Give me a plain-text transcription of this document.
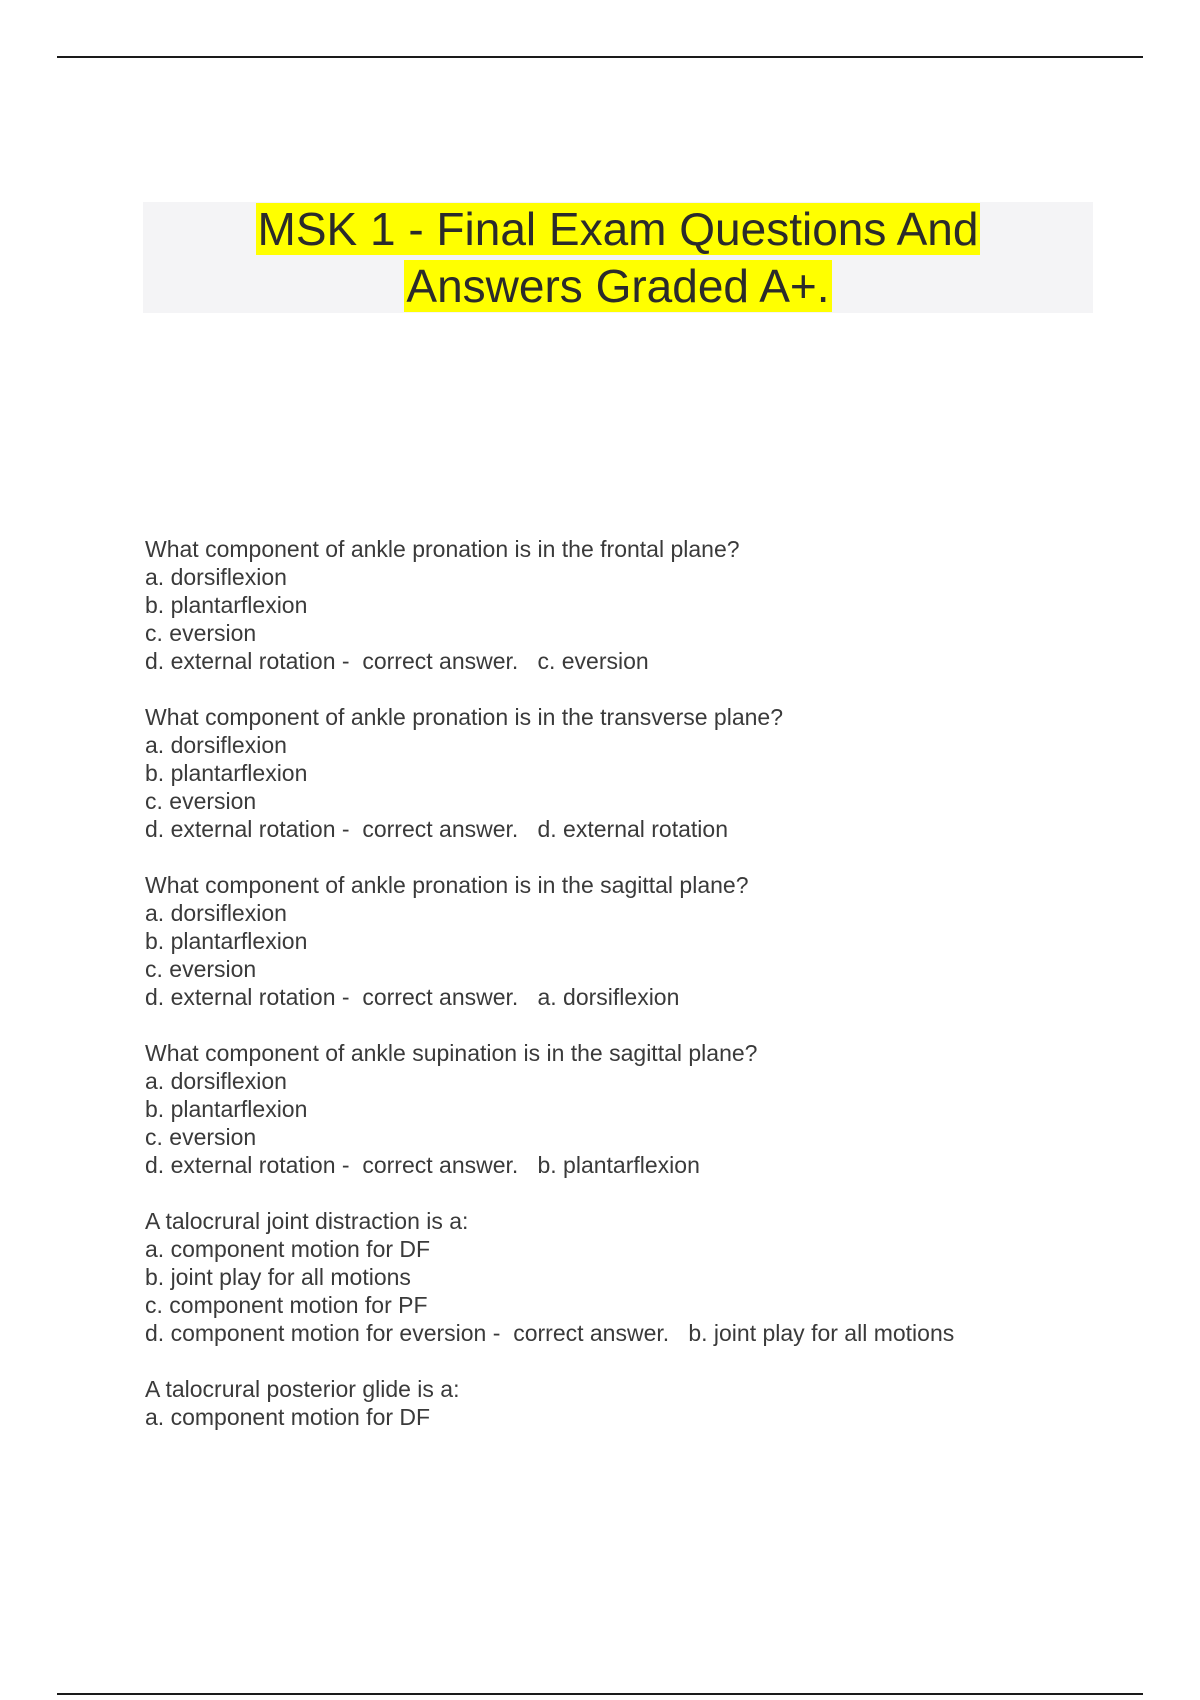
MSK 1 - Final Exam Questions And
Answers Graded A+.
What component of ankle pronation is in the frontal plane?
a. dorsiflexion
b. plantarflexion
c. eversion
d. external rotation -  correct answer. c. eversion
What component of ankle pronation is in the transverse plane?
a. dorsiflexion
b. plantarflexion
c. eversion
d. external rotation -  correct answer. d. external rotation
What component of ankle pronation is in the sagittal plane?
a. dorsiflexion
b. plantarflexion
c. eversion
d. external rotation -  correct answer. a. dorsiflexion
What component of ankle supination is in the sagittal plane?
a. dorsiflexion
b. plantarflexion
c. eversion
d. external rotation -  correct answer. b. plantarflexion
A talocrural joint distraction is a:
a. component motion for DF
b. joint play for all motions
c. component motion for PF
d. component motion for eversion -  correct answer. b. joint play for all motions
A talocrural posterior glide is a:
a. component motion for DF
